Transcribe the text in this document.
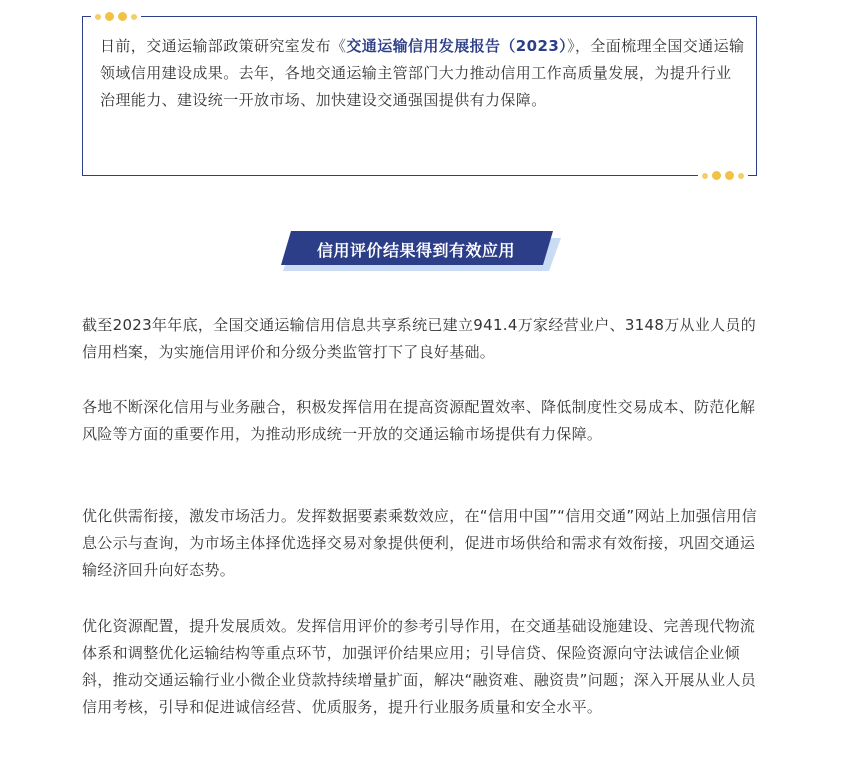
日前，交通运输部政策研究室发布《交通运输信用发展报告（2023）》，全面梳理全国交通运输领域信用建设成果。去年，各地交通运输主管部门大力推动信用工作高质量发展，为提升行业治理能力、建设统一开放市场、加快建设交通强国提供有力保障。
信用评价结果得到有效应用

截至2023年年底，全国交通运输信用信息共享系统已建立941.4万家经营业户、3148万从业人员的信用档案，为实施信用评价和分级分类监管打下了良好基础。

各地不断深化信用与业务融合，积极发挥信用在提高资源配置效率、降低制度性交易成本、防范化解风险等方面的重要作用，为推动形成统一开放的交通运输市场提供有力保障。

优化供需衔接，激发市场活力。发挥数据要素乘数效应，在“信用中国”“信用交通”网站上加强信用信息公示与查询，为市场主体择优选择交易对象提供便利，促进市场供给和需求有效衔接，巩固交通运输经济回升向好态势。

优化资源配置，提升发展质效。发挥信用评价的参考引导作用，在交通基础设施建设、完善现代物流体系和调整优化运输结构等重点环节，加强评价结果应用；引导信贷、保险资源向守法诚信企业倾斜，推动交通运输行业小微企业贷款持续增量扩面，解决“融资难、融资贵”问题；深入开展从业人员信用考核，引导和促进诚信经营、优质服务，提升行业服务质量和安全水平。
